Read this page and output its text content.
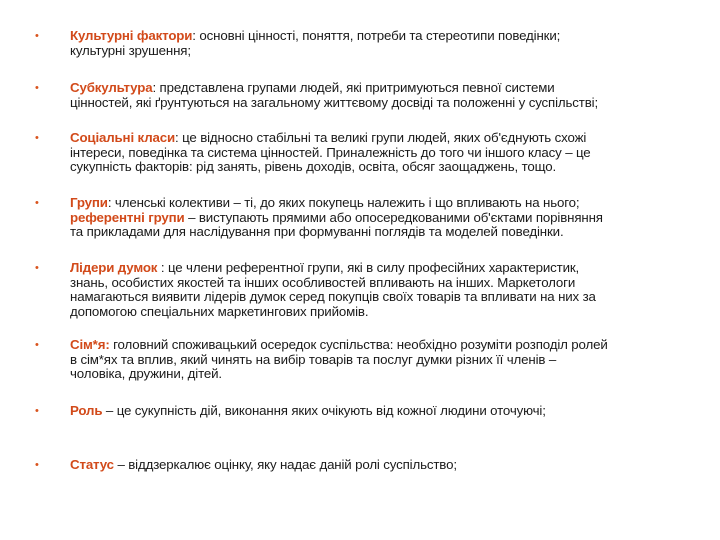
• Культурні фактори: основні цінності, поняття, потреби та стереотипи поведінки;
культурні зрушення;
• Субкультура: представлена групами людей, які притримуються певної системи
цінностей, які ґрунтуються на загальному життєвому досвіді та положенні у суспільстві;
• Соціальні класи: це відносно стабільні та великі групи людей, яких об'єднують схожі
інтереси, поведінка та система цінностей. Приналежність до того чи іншого класу – це
сукупність факторів: рід занять, рівень доходів, освіта, обсяг заощаджень, тощо.
• Групи: членські колективи – ті, до яких покупець належить і що впливають на нього;
референтні групи – виступають прямими або опосередкованими об'єктами порівняння
та прикладами для наслідування при формуванні поглядів та моделей поведінки.
• Лідери думок : це члени референтної групи, які в силу професійних характеристик,
знань, особистих якостей та інших особливостей впливають на інших. Маркетологи
намагаються виявити лідерів думок серед покупців своїх товарів та впливати на них за
допомогою спеціальних маркетингових прийомів.
• Сім*я: головний споживацький осередок суспільства: необхідно розуміти розподіл ролей
в сім*ях та вплив, який чинять на вибір товарів та послуг думки різних її членів –
чоловіка, дружини, дітей.
• Роль – це сукупність дій, виконання яких очікують від кожної людини оточуючі;
• Статус – віддзеркалює оцінку, яку надає даній ролі суспільство;
